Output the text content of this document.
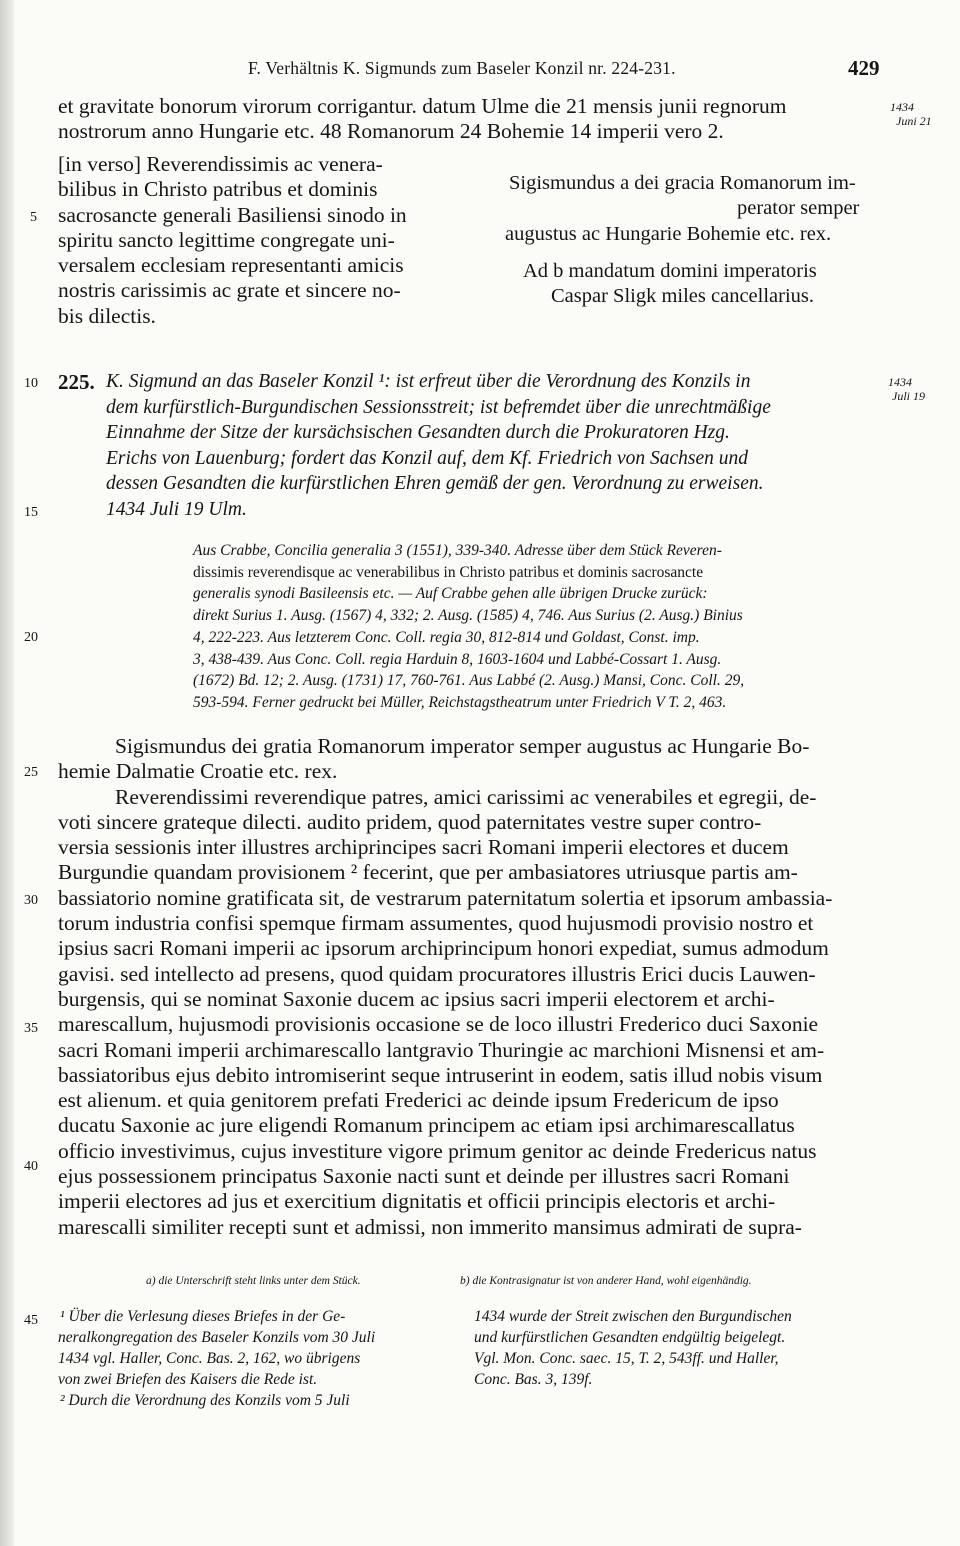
F. Verhältnis K. Sigmunds zum Baseler Konzil nr. 224-231.	429
et gravitate bonorum virorum corrigantur. datum Ulme die 21 mensis junii regnorum
nostrorum anno Hungarie etc. 48 Romanorum 24 Bohemie 14 imperii vero 2.
1434
Juni 21
[in verso] Reverendissimis ac venera-
bilibus in Christo patribus et dominis
sacrosancte generali Basiliensi sinodo in
spiritu sancto legittime congregate uni-
versalem ecclesiam representanti amicis
nostris carissimis ac grate et sincere no-
bis dilectis.
Sigismundus a dei gracia Romanorum im-
perator semper
augustus ac Hungarie Bohemie etc. rex.
Ad b mandatum domini imperatoris
Caspar Sligk miles cancellarius.
5
10
15
20
25
30
35
40
45
225. K. Sigmund an das Baseler Konzil ¹: ist erfreut über die Verordnung des Konzils in
dem kurfürstlich-Burgundischen Sessionsstreit; ist befremdet über die unrechtmäßige
Einnahme der Sitze der kursächsischen Gesandten durch die Prokuratoren Hzg.
Erichs von Lauenburg; fordert das Konzil auf, dem Kf. Friedrich von Sachsen und
dessen Gesandten die kurfürstlichen Ehren gemäß der gen. Verordnung zu erweisen.
1434 Juli 19 Ulm.
1434
Juli 19
Aus Crabbe, Concilia generalia 3 (1551), 339-340. Adresse über dem Stück Reveren-
dissimis reverendisque ac venerabilibus in Christo patribus et dominis sacrosancte
generalis synodi Basileensis etc. — Auf Crabbe gehen alle übrigen Drucke zurück:
direkt Surius 1. Ausg. (1567) 4, 332; 2. Ausg. (1585) 4, 746. Aus Surius (2. Ausg.) Binius
4, 222-223. Aus letzterem Conc. Coll. regia 30, 812-814 und Goldast, Const. imp.
3, 438-439. Aus Conc. Coll. regia Harduin 8, 1603-1604 und Labbé-Cossart 1. Ausg.
(1672) Bd. 12; 2. Ausg. (1731) 17, 760-761. Aus Labbé (2. Ausg.) Mansi, Conc. Coll. 29,
593-594. Ferner gedruckt bei Müller, Reichstagstheatrum unter Friedrich V T. 2, 463.
Sigismundus dei gratia Romanorum imperator semper augustus ac Hungarie Bo-
hemie Dalmatie Croatie etc. rex.
Reverendissimi reverendique patres, amici carissimi ac venerabiles et egregii, de-
voti sincere grateque dilecti. audito pridem, quod paternitates vestre super contro-
versia sessionis inter illustres archiprincipes sacri Romani imperii electores et ducem
Burgundie quandam provisionem ² fecerint, que per ambasiatores utriusque partis am-
bassiatorio nomine gratificata sit, de vestrarum paternitatum solertia et ipsorum ambassia-
torum industria confisi spemque firmam assumentes, quod hujusmodi provisio nostro et
ipsius sacri Romani imperii ac ipsorum archiprincipum honori expediat, sumus admodum
gavisi. sed intellecto ad presens, quod quidam procuratores illustris Erici ducis Lauwen-
burgensis, qui se nominat Saxonie ducem ac ipsius sacri imperii electorem et archi-
marescallum, hujusmodi provisionis occasione se de loco illustri Frederico duci Saxonie
sacri Romani imperii archimarescallo lantgravio Thuringie ac marchioni Misnensi et am-
bassiatoribus ejus debito intromiserint seque intruserint in eodem, satis illud nobis visum
est alienum. et quia genitorem prefati Frederici ac deinde ipsum Fredericum de ipso
ducatu Saxonie ac jure eligendi Romanum principem ac etiam ipsi archimarescallatus
officio investivimus, cujus investiture vigore primum genitor ac deinde Fredericus natus
ejus possessionem principatus Saxonie nacti sunt et deinde per illustres sacri Romani
imperii electores ad jus et exercitium dignitatis et officii principis electoris et archi-
marescalli similiter recepti sunt et admissi, non immerito mansimus admirati de supra-
a) die Unterschrift steht links unter dem Stück.	b) die Kontrasignatur ist von anderer Hand, wohl eigenhändig.
¹ Über die Verlesung dieses Briefes in der Ge-
neralkongregation des Baseler Konzils vom 30 Juli
1434 vgl. Haller, Conc. Bas. 2, 162, wo übrigens
von zwei Briefen des Kaisers die Rede ist.
² Durch die Verordnung des Konzils vom 5 Juli
1434 wurde der Streit zwischen den Burgundischen
und kurfürstlichen Gesandten endgültig beigelegt.
Vgl. Mon. Conc. saec. 15, T. 2, 543ff. und Haller,
Conc. Bas. 3, 139f.
